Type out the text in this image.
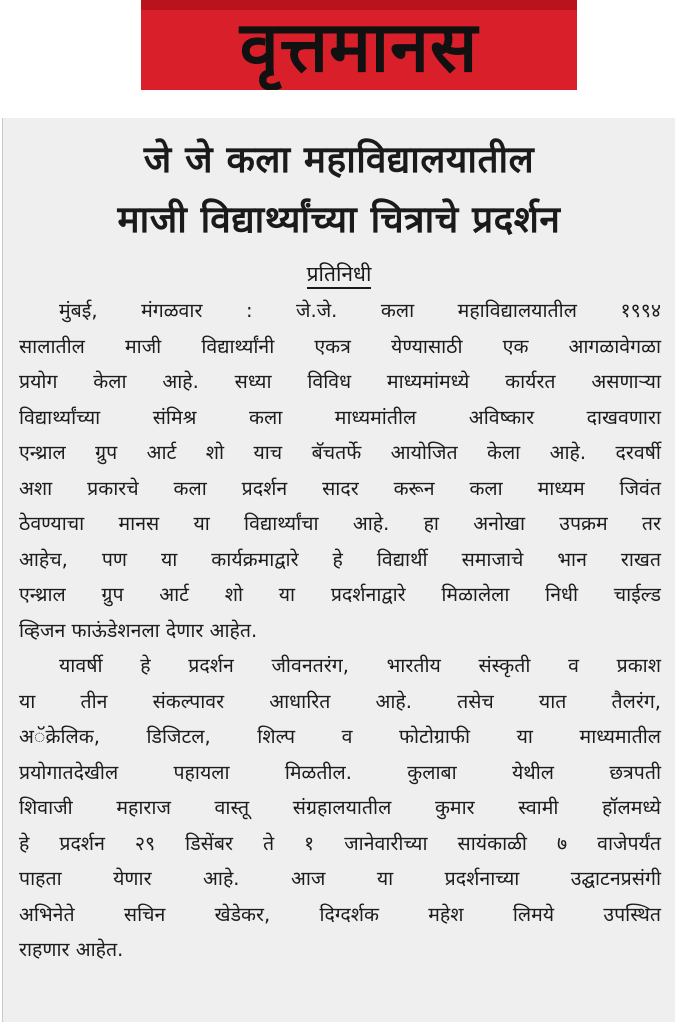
वृत्तमानस
जे जे कला महाविद्यालयातील
माजी विद्यार्थ्यांच्या चित्राचे प्रदर्शन
प्रतिनिधी
मुंबई, मंगळवार : जे.जे. कला महाविद्यालयातील १९९४
सालातील माजी विद्यार्थ्यांनी एकत्र येण्यासाठी एक आगळावेगळा
प्रयोग केला आहे. सध्या विविध माध्यमांमध्ये कार्यरत असणाऱ्या
विद्यार्थ्यांच्या संमिश्र कला माध्यमांतील अविष्कार दाखवणारा
एन्थ्राल ग्रुप आर्ट शो याच बॅचतर्फे आयोजित केला आहे. दरवर्षी
अशा प्रकारचे कला प्रदर्शन सादर करून कला माध्यम जिवंत
ठेवण्याचा मानस या विद्यार्थ्यांचा आहे. हा अनोखा उपक्रम तर
आहेच, पण या कार्यक्रमाद्वारे हे विद्यार्थी समाजाचे भान राखत
एन्थ्राल ग्रुप आर्ट शो या प्रदर्शनाद्वारे मिळालेला निधी चाईल्ड
व्हिजन फाऊंडेशनला देणार आहेत.
यावर्षी हे प्रदर्शन जीवनतरंग, भारतीय संस्कृती व प्रकाश
या तीन संकल्पावर आधारित आहे. तसेच यात तैलरंग,
अॅक्रेलिक, डिजिटल, शिल्प व फोटोग्राफी या माध्यमातील
प्रयोगातदेखील पहायला मिळतील. कुलाबा येथील छत्रपती
शिवाजी महाराज वास्तू संग्रहालयातील कुमार स्वामी हॉलमध्ये
हे प्रदर्शन २९ डिसेंबर ते १ जानेवारीच्या सायंकाळी ७ वाजेपर्यंत
पाहता येणार आहे. आज या प्रदर्शनाच्या उद्घाटनप्रसंगी
अभिनेते सचिन खेडेकर, दिग्दर्शक महेश लिमये उपस्थित
राहणार आहेत.
